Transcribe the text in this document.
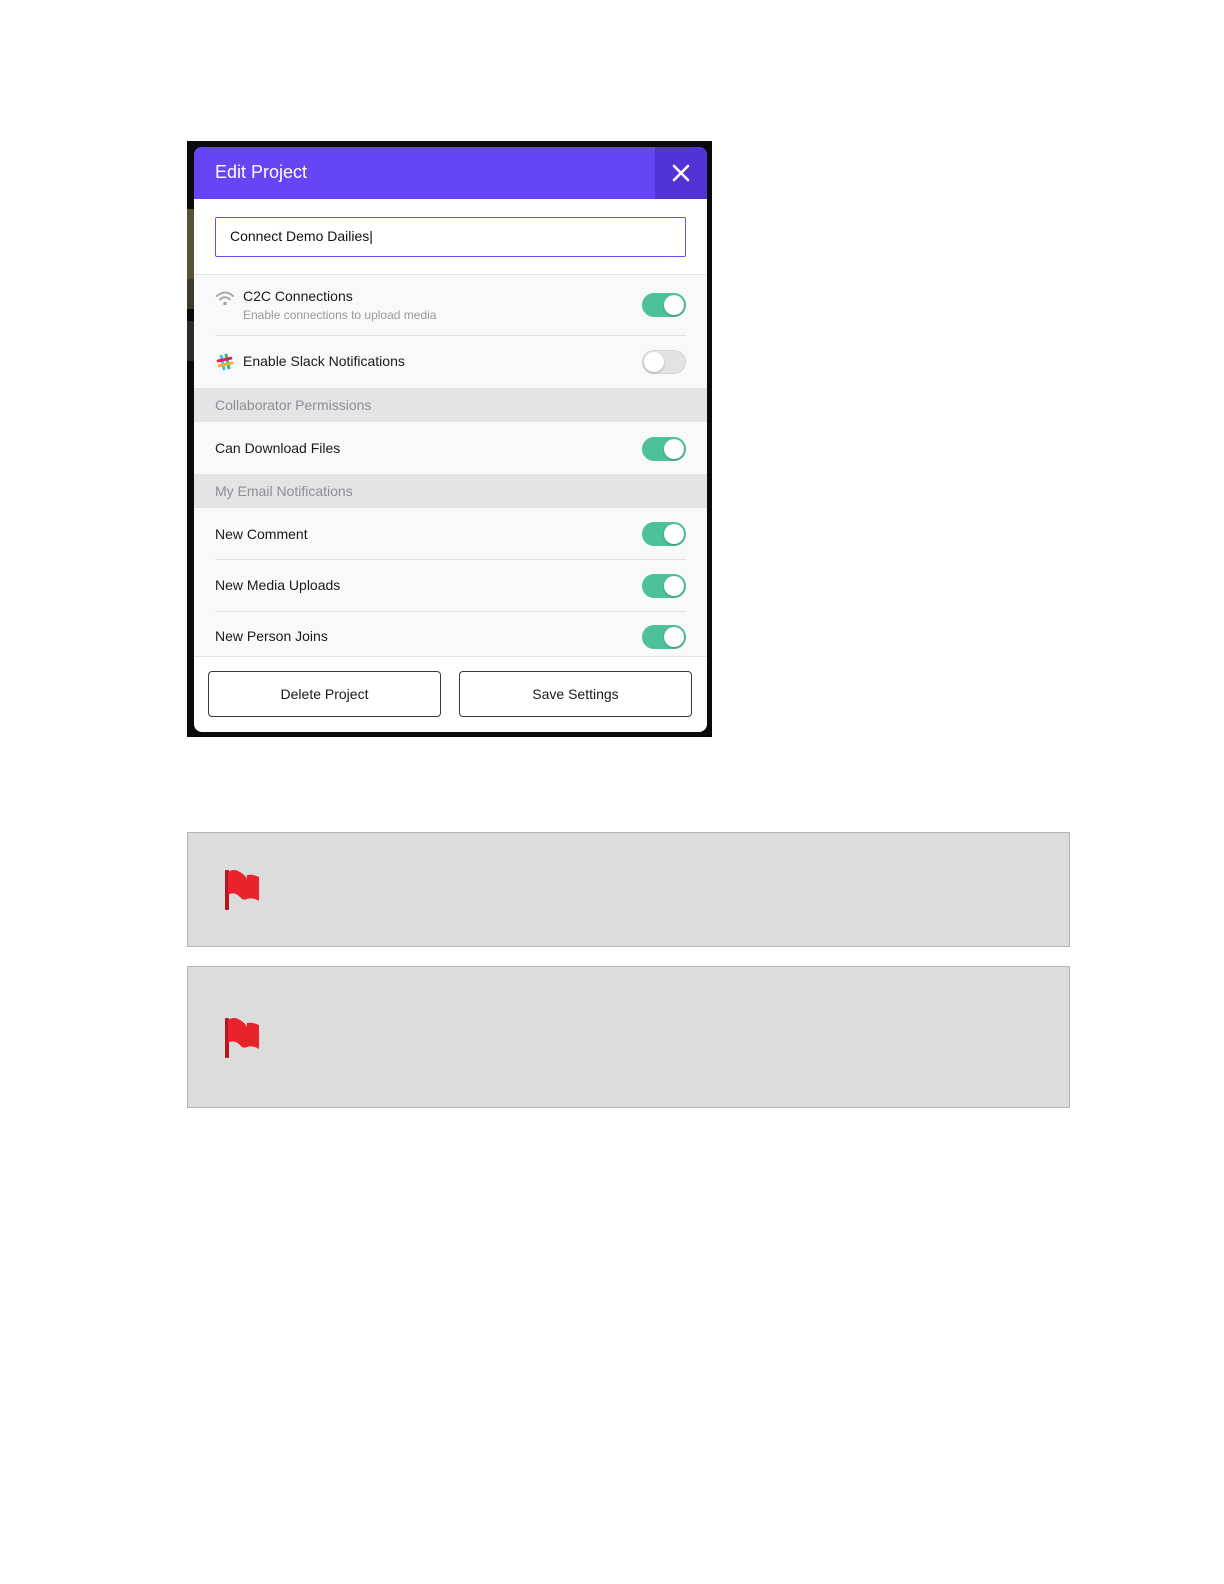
Edit Project
Connect Demo Dailies|
C2C Connections
Enable connections to upload media
Enable Slack Notifications
Collaborator Permissions
Can Download Files
My Email Notifications
New Comment
New Media Uploads
New Person Joins
Delete Project	Save Settings
